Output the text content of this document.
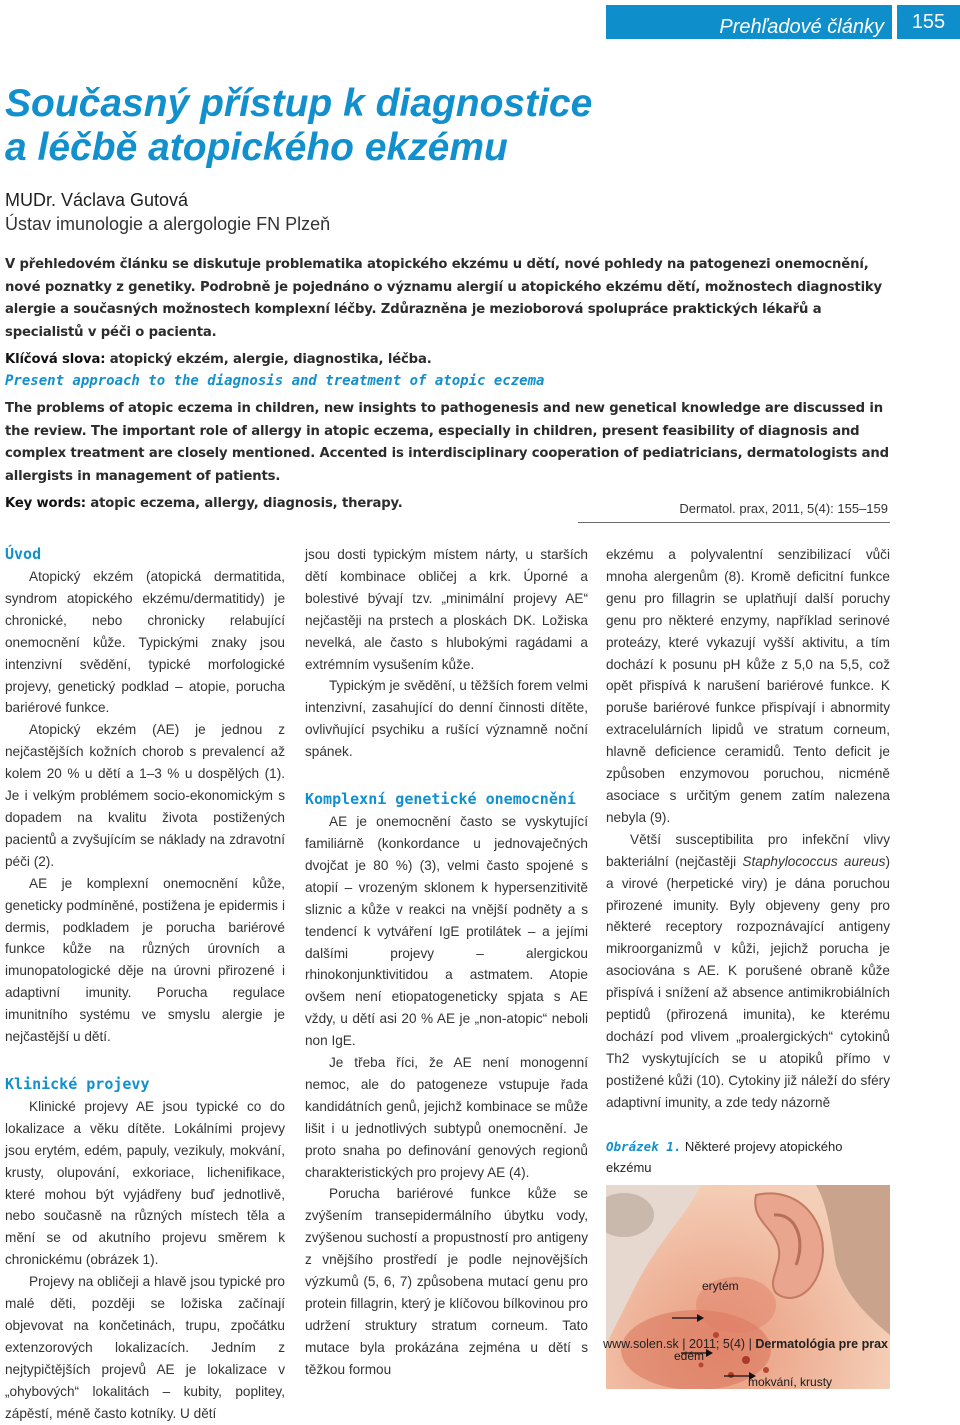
Prehľadové články	155
Současný přístup k diagnostice
a léčbě atopického ekzému
MUDr. Václava Gutová
Ústav imunologie a alergologie FN Plzeň

V přehledovém článku se diskutuje problematika atopického ekzému u dětí, nové pohledy na patogenezi onemocnění, nové poznatky z genetiky. Podrobně je pojednáno o významu alergií u atopického ekzému dětí, možnostech diagnostiky alergie a současných možnostech komplexní léčby. Zdůrazněna je mezioborová spolupráce praktických lékařů a specialistů v péči o pacienta.

Klíčová slova: atopický ekzém, alergie, diagnostika, léčba.

Present approach to the diagnosis and treatment of atopic eczema

The problems of atopic eczema in children, new insights to pathogenesis and new genetical knowledge are discussed in the review. The important role of allergy in atopic eczema, especially in children, present feasibility of diagnosis and complex treatment are closely mentioned. Accented is interdisciplinary cooperation of pediatricians, dermatologists and allergists in management of patients.

Key words: atopic eczema, allergy, diagnosis, therapy.	Dermatol. prax, 2011, 5(4): 155–159
Úvod

Atopický ekzém (atopická dermatitida, syndrom atopického ekzému/dermatitidy) je chronické, nebo chronicky relabující onemocnění kůže. Typickými znaky jsou intenzivní svědění, typické morfologické projevy, genetický podklad – atopie, porucha bariérové funkce.

Atopický ekzém (AE) je jednou z nejčastějších kožních chorob s prevalencí až kolem 20 % u dětí a 1–3 % u dospělých (1). Je i velkým problémem socio-ekonomickým s dopadem na kvalitu života postižených pacientů a zvyšujícím se náklady na zdravotní péči (2).

AE je komplexní onemocnění kůže, geneticky podmíněné, postižena je epidermis i dermis, podkladem je porucha bariérové funkce kůže na různých úrovních a imunopatologické děje na úrovni přirozené i adaptivní imunity. Porucha regulace imunitního systému ve smyslu alergie je nejčastější u dětí.

Klinické projevy

Klinické projevy AE jsou typické co do lokalizace a věku dítěte. Lokálními projevy jsou erytém, edém, papuly, vezikuly, mokvání, krusty, olupování, exkoriace, lichenifikace, které mohou být vyjádřeny buď jednotlivě, nebo současně na různých místech těla a mění se od akutního projevu směrem k chronickému (obrázek 1).

Projevy na obličeji a hlavě jsou typické pro malé děti, později se ložiska začínají objevovat na končetinách, trupu, zpočátku extenzorových lokalizacích. Jedním z nejtypičtějších projevů AE je lokalizace v „ohybových“ lokalitách – kubity, poplitey, zápěstí, méně často kotníky. U dětí

jsou dosti typickým místem nárty, u starších dětí kombinace obličej a krk. Úporné a bolestivé bývají tzv. „minimální projevy AE“ nejčastěji na prstech a ploskách DK. Ložiska nevelká, ale často s hlubokými ragádami a extrémním vysušením kůže.

Typickým je svědění, u těžších forem velmi intenzivní, zasahující do denní činnosti dítěte, ovlivňující psychiku a rušící významně noční spánek.

Komplexní genetické onemocnění

AE je onemocnění často se vyskytující familiárně (konkordance u jednovaječných dvojčat je 80 %) (3), velmi často spojené s atopií – vrozeným sklonem k hypersenzitivitě sliznic a kůže v reakci na vnější podněty a s tendencí k vytváření IgE protilátek – a jejími dalšími projevy – alergickou rhinokonjunktivitidou a astmatem. Atopie ovšem není etiopatogeneticky spjata s AE vždy, u dětí asi 20 % AE je „non-atopic“ neboli non IgE.

Je třeba říci, že AE není monogenní nemoc, ale do patogeneze vstupuje řada kandidátních genů, jejichž kombinace se může lišit i u jednotlivých subtypů onemocnění. Je proto snaha po definování genových regionů charakteristických pro projevy AE (4).

Porucha bariérové funkce kůže se zvýšením transepidermálního úbytku vody, zvýšenou suchostí a propustností pro antigeny z vnějšího prostředí je podle nejnovějších výzkumů (5, 6, 7) způsobena mutací genu pro protein fillagrin, který je klíčovou bílkovinou pro udržení struktury stratum corneum. Tato mutace byla prokázána zejména u dětí s těžkou formou

ekzému a polyvalentní senzibilizací vůči mnoha alergenům (8). Kromě deficitní funkce genu pro fillagrin se uplatňují další poruchy genu pro některé enzymy, například serinové proteázy, které vykazují vyšší aktivitu, a tím dochází k posunu pH kůže z 5,0 na 5,5, což opět přispívá k narušení bariérové funkce. K poruše bariérové funkce přispívají i abnormity extracelulárních lipidů ve stratum corneum, hlavně deficience ceramidů. Tento deficit je způsoben enzymovou poruchou, nicméně asociace s určitým genem zatím nalezena nebyla (9).

Větší susceptibilita pro infekční vlivy bakteriální (nejčastěji Staphylococcus aureus) a virové (herpetické viry) je dána poruchou přirozené imunity. Byly objeveny geny pro některé receptory rozpoznávající antigeny mikroorganizmů v kůži, jejichž porucha je asociována s AE. K porušené obraně kůže přispívá i snížení až absence antimikrobiálních peptidů (přirozená imunita), ke kterému dochází pod vlivem „proalergických“ cytokinů Th2 vyskytujících se u atopiků přímo v postižené kůži (10). Cytokiny již náleží do sféry adaptivní imunity, a zde tedy názorně

Obrázek 1. Některé projevy atopického ekzému
erytém
edém
mokvání, krusty
www.solen.sk | 2011; 5(4) | Dermatológia pre prax
